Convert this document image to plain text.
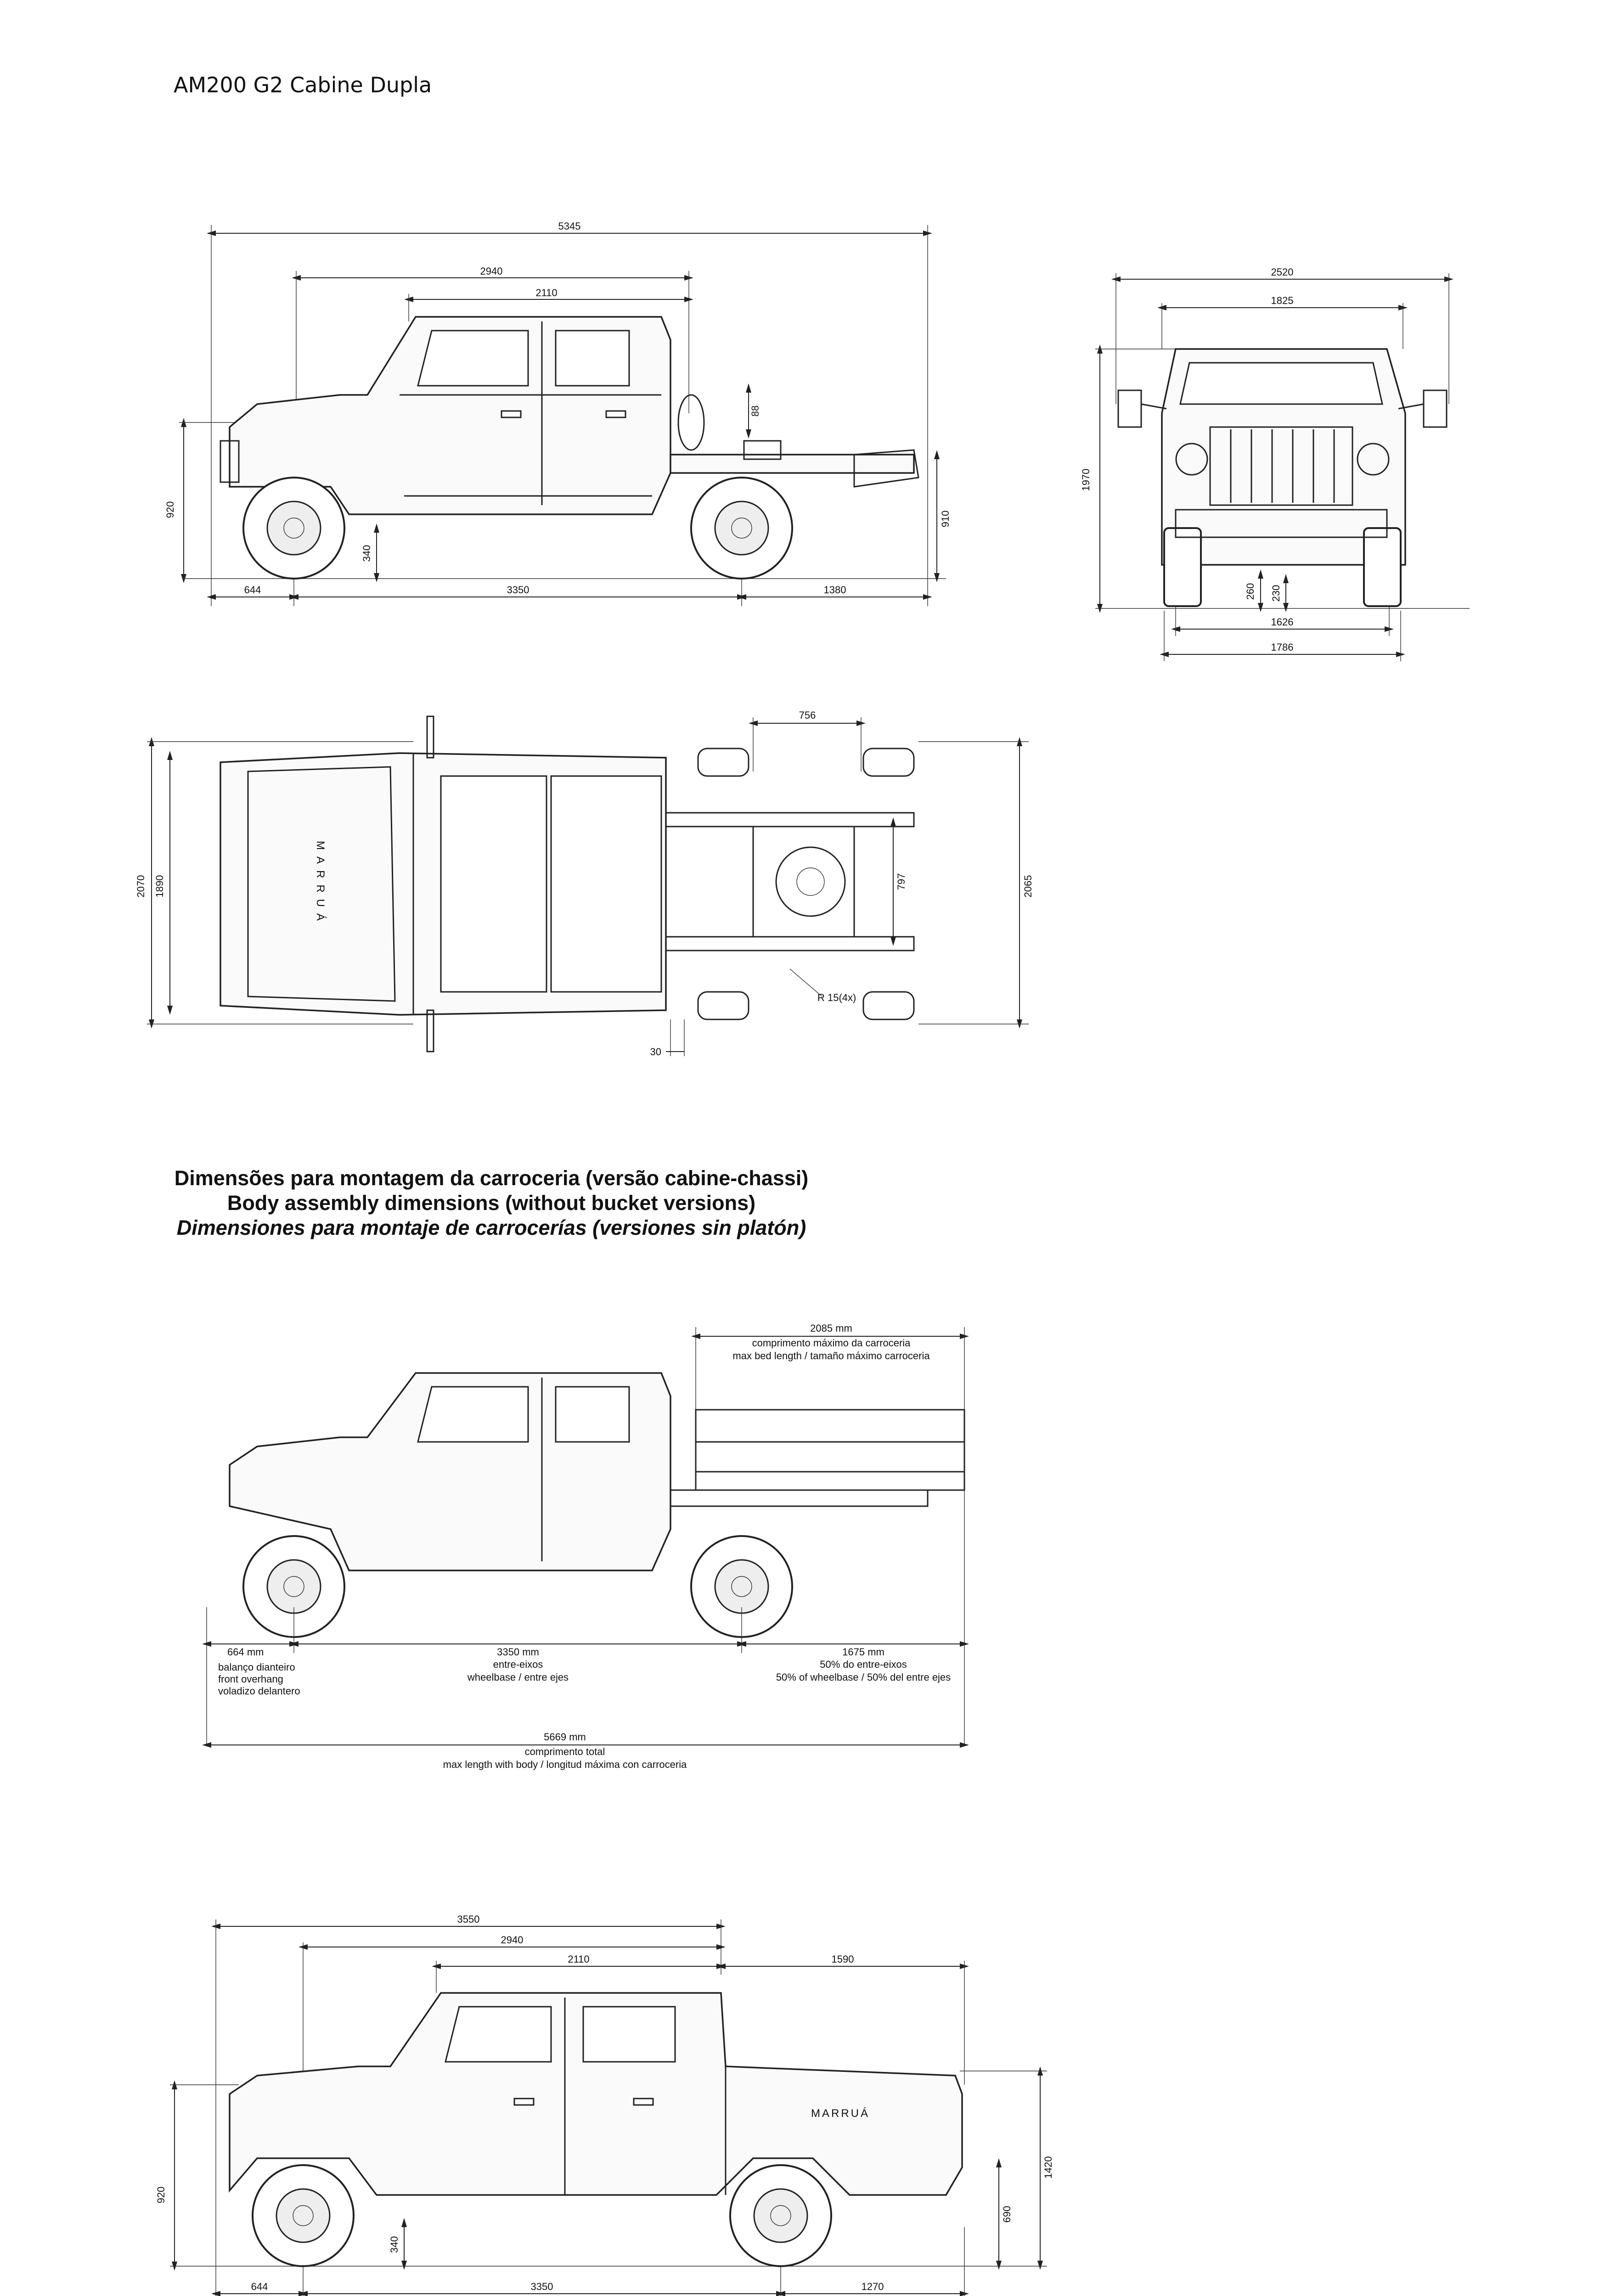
AM200 G2 Cabine Dupla
Dimensões para montagem da carroceria (versão cabine-chassi)
Body assembly dimensions (without bucket versions)
Dimensiones para montaje de carrocerías (versiones sin platón)
5345
2940
2110
920
340
910
88
644	3350	1380
2520
1825
1970
260 230
1626
1786
756
2070 1890	2065
797
R 15(4x)
30
MARRUÁ
2085 mm
comprimento máximo da carroceria
max bed length / tamaño máximo carroceria
664 mm
balanço dianteiro
front overhang
voladizo delantero
3350 mm
entre-eixos
wheelbase / entre ejes
1675 mm
50% do entre-eixos
50% of wheelbase / 50% del entre ejes
5669 mm
comprimento total
max length with body / longitud máxima con carroceria
3550
2940
2110	1590
920
340
690
1420
644	3350	1270
MARRUÁ
